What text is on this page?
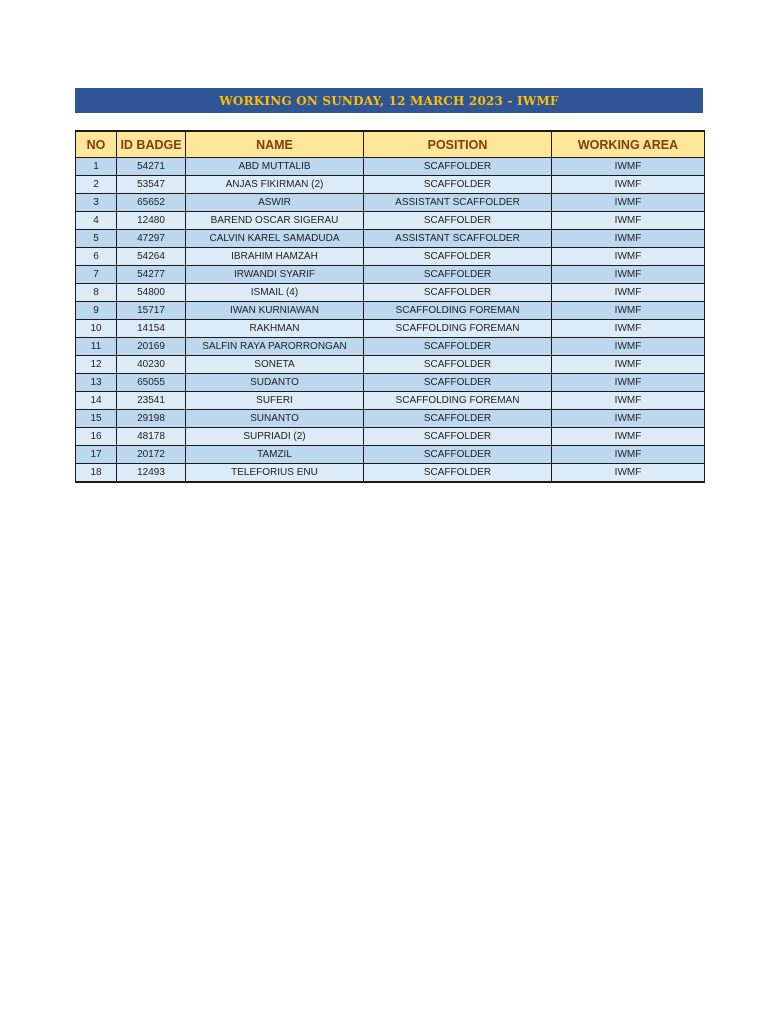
WORKING ON SUNDAY, 12 MARCH 2023 - IWMF
NO	ID BADGE	NAME	POSITION	WORKING AREA
1	54271	ABD MUTTALIB	SCAFFOLDER	IWMF
2	53547	ANJAS FIKIRMAN (2)	SCAFFOLDER	IWMF
3	65652	ASWIR	ASSISTANT SCAFFOLDER	IWMF
4	12480	BAREND OSCAR SIGERAU	SCAFFOLDER	IWMF
5	47297	CALVIN KAREL SAMADUDA	ASSISTANT SCAFFOLDER	IWMF
6	54264	IBRAHIM HAMZAH	SCAFFOLDER	IWMF
7	54277	IRWANDI SYARIF	SCAFFOLDER	IWMF
8	54800	ISMAIL (4)	SCAFFOLDER	IWMF
9	15717	IWAN KURNIAWAN	SCAFFOLDING FOREMAN	IWMF
10	14154	RAKHMAN	SCAFFOLDING FOREMAN	IWMF
11	20169	SALFIN RAYA PARORRONGAN	SCAFFOLDER	IWMF
12	40230	SONETA	SCAFFOLDER	IWMF
13	65055	SUDANTO	SCAFFOLDER	IWMF
14	23541	SUFERI	SCAFFOLDING FOREMAN	IWMF
15	29198	SUNANTO	SCAFFOLDER	IWMF
16	48178	SUPRIADI (2)	SCAFFOLDER	IWMF
17	20172	TAMZIL	SCAFFOLDER	IWMF
18	12493	TELEFORIUS ENU	SCAFFOLDER	IWMF
